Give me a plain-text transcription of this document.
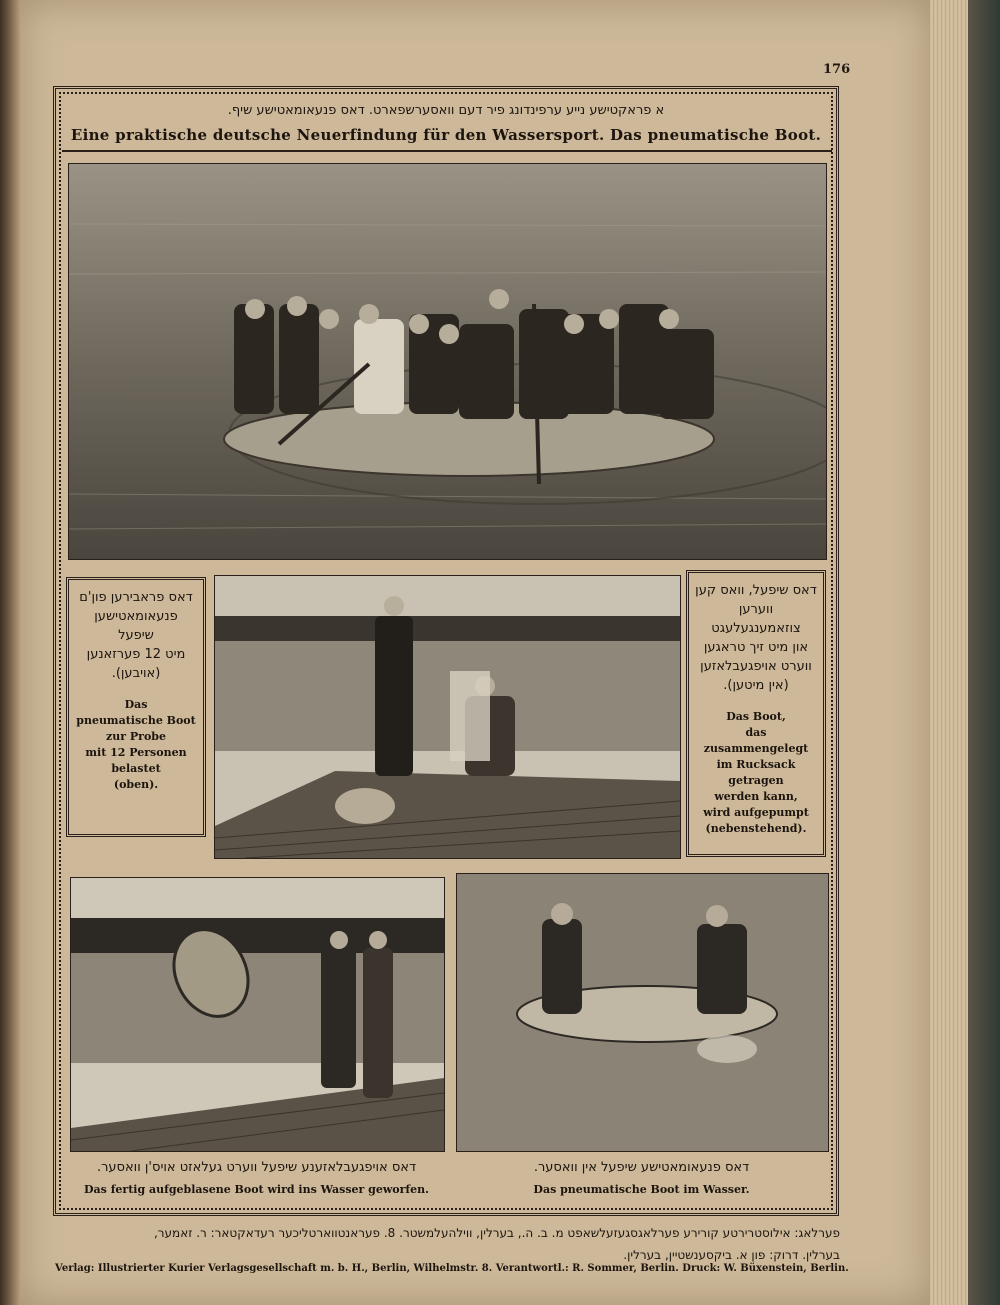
176
א פראקטישע נייע ערפינדונג פיר דעם וואסערשפארט. דאס פנעאומאטישע שיף.
Eine praktische deutsche Neuerfindung für den Wassersport. Das pneumatische Boot.
דאס פראבירען פון'ם
פנעאומאטישען שיפעל
מיט 12 פערזאנען
(אויבען).
Das
pneumatische Boot
zur Probe
mit 12 Personen
belastet
(oben).
דאס שיפעל, וואס קען
ווערען צוזאמענגעלעגט
און מיט זיך טראגען
ווערט אויפגעבלאזען
(אין מיטען).
Das Boot,
das zusammengelegt
im Rucksack getragen
werden kann,
wird aufgepumpt
(nebenstehend).
דאס אויפגעבלאזענע שיפעל ווערט געלאזט אויס'ן וואסער.
Das fertig aufgeblasene Boot wird ins Wasser geworfen.
דאס פנעאומאטישע שיפעל אין וואסער.
Das pneumatische Boot im Wasser.
פערלאג: אילוסטרירטע קורירע פערלאגסגעזעלשאפט מ. ב. ה., בערלין, ווילהעלמשטר. 8. פעראנטווארטליכער רעדאקטאר: ר. זאמער,
בערלין. דרוק: פון א. ביקסענשטיין, בערלין.
Verlag: Illustrierter Kurier Verlagsgesellschaft m. b. H., Berlin, Wilhelmstr. 8. Verantwortl.: R. Sommer, Berlin. Druck: W. Büxenstein, Berlin.
